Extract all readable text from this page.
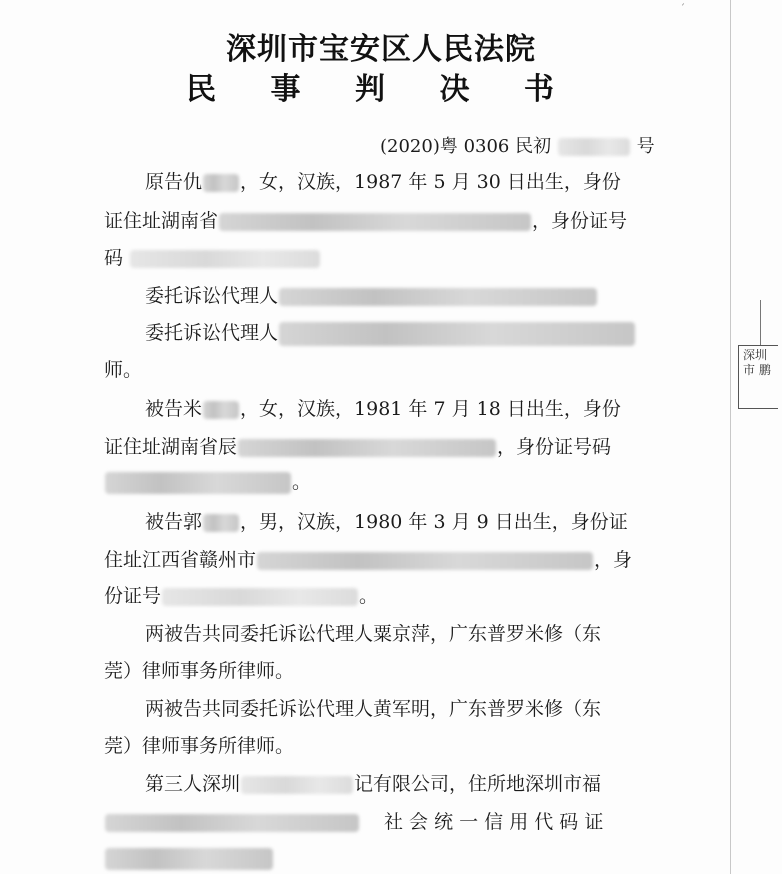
ˊ
深圳市宝安区人民法院
民 事 判 决 书
(2020)粤 0306 民初	号
原告仇 ，女，汉族，1987 年 5 月 30 日出生，身份
证住址湖南省	，身份证号
码
委托诉讼代理人
委托诉讼代理人
师。
被告米 ，女，汉族，1981 年 7 月 18 日出生，身份
证住址湖南省辰	，身份证号码
。
被告郭 ，男，汉族，1980 年 3 月 9 日出生，身份证
住址江西省赣州市	，身
份证号	。
两被告共同委托诉讼代理人粟京萍，广东普罗米修（东
莞）律师事务所律师。
两被告共同委托诉讼代理人黄军明，广东普罗米修（东
莞）律师事务所律师。
第三人深圳	记有限公司，住所地深圳市福
社 会 统 一 信 用 代 码 证
深圳市 鹏
